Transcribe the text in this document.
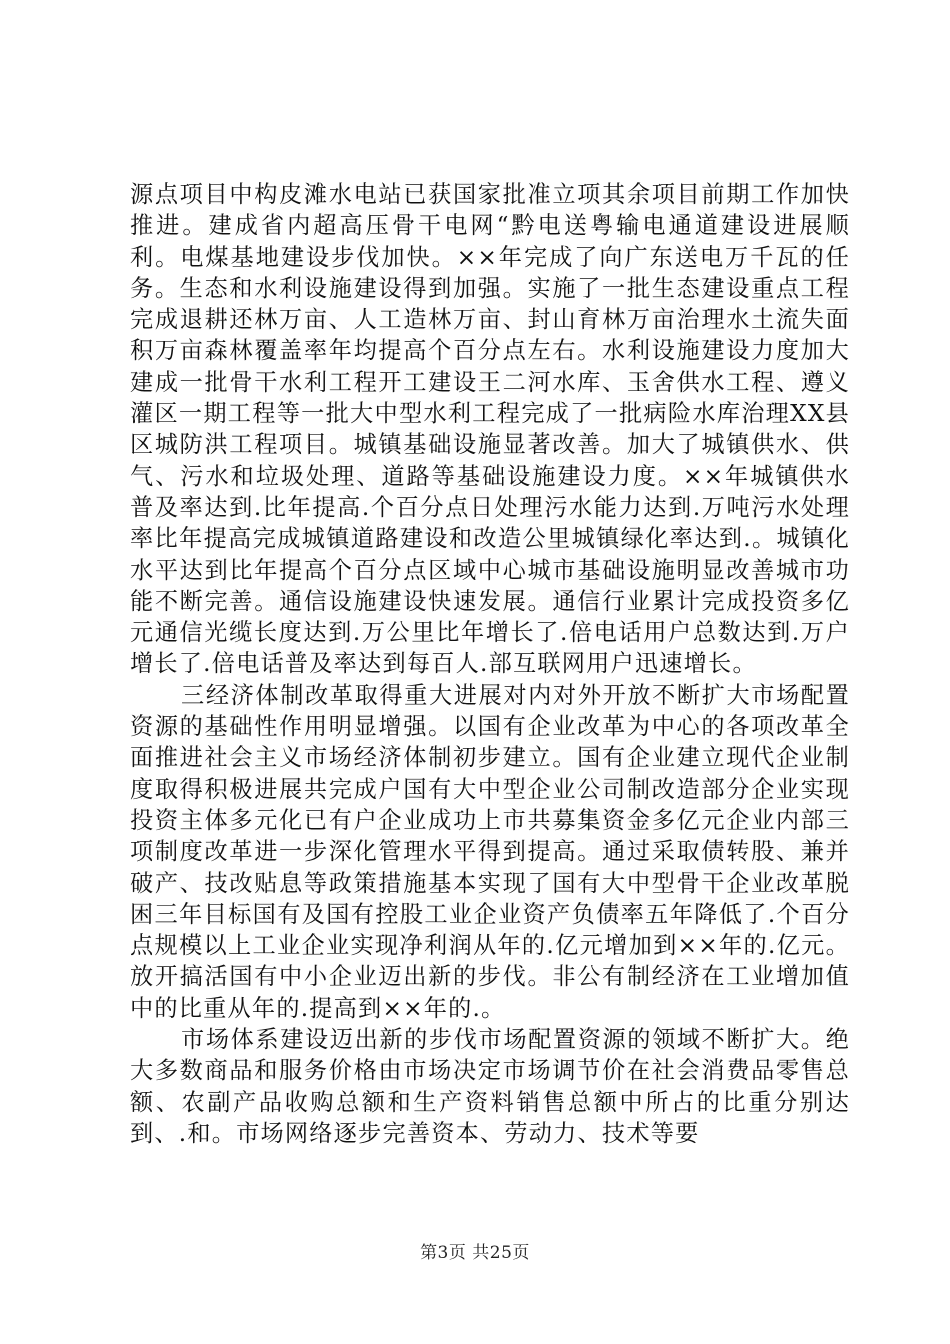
源点项目中构皮滩水电站已获国家批准立项其余项目前期工作加快推进。建成省内超高压骨干电网“黔电送粤输电通道建设进展顺利。电煤基地建设步伐加快。××年完成了向广东送电万千瓦的任务。生态和水利设施建设得到加强。实施了一批生态建设重点工程完成退耕还林万亩、人工造林万亩、封山育林万亩治理水土流失面积万亩森林覆盖率年均提高个百分点左右。水利设施建设力度加大建成一批骨干水利工程开工建设王二河水库、玉舍供水工程、遵义灌区一期工程等一批大中型水利工程完成了一批病险水库治理XX县区城防洪工程项目。城镇基础设施显著改善。加大了城镇供水、供气、污水和垃圾处理、道路等基础设施建设力度。××年城镇供水普及率达到.比年提高.个百分点日处理污水能力达到.万吨污水处理率比年提高完成城镇道路建设和改造公里城镇绿化率达到.。城镇化水平达到比年提高个百分点区域中心城市基础设施明显改善城市功能不断完善。通信设施建设快速发展。通信行业累计完成投资多亿元通信光缆长度达到.万公里比年增长了.倍电话用户总数达到.万户增长了.倍电话普及率达到每百人.部互联网用户迅速增长。

三经济体制改革取得重大进展对内对外开放不断扩大市场配置资源的基础性作用明显增强。以国有企业改革为中心的各项改革全面推进社会主义市场经济体制初步建立。国有企业建立现代企业制度取得积极进展共完成户国有大中型企业公司制改造部分企业实现投资主体多元化已有户企业成功上市共募集资金多亿元企业内部三项制度改革进一步深化管理水平得到提高。通过采取债转股、兼并破产、技改贴息等政策措施基本实现了国有大中型骨干企业改革脱困三年目标国有及国有控股工业企业资产负债率五年降低了.个百分点规模以上工业企业实现净利润从年的.亿元增加到××年的.亿元。放开搞活国有中小企业迈出新的步伐。非公有制经济在工业增加值中的比重从年的.提高到××年的.。

市场体系建设迈出新的步伐市场配置资源的领域不断扩大。绝大多数商品和服务价格由市场决定市场调节价在社会消费品零售总额、农副产品收购总额和生产资料销售总额中所占的比重分别达到、.和。市场网络逐步完善资本、劳动力、技术等要

第3页 共25页
